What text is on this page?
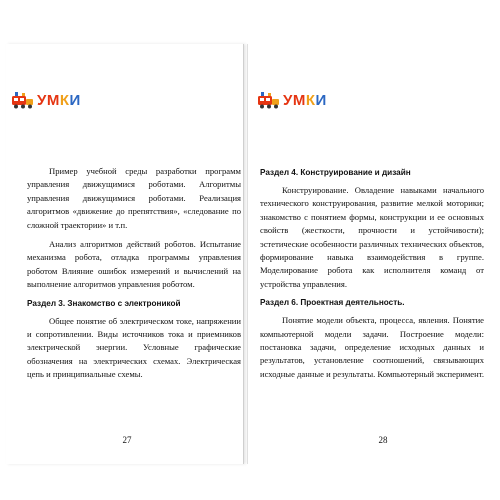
УМКИ

Пример учебной среды разработки программ управления движущимися роботами. Алгоритмы управления движущимися роботами. Реализация алгоритмов «движение до препятствия», «следование по сложной траектории» и т.п.

Анализ алгоритмов действий роботов. Испытание механизма робота, отладка программы управления роботом Влияние ошибок измерений и вычислений на выполнение алгоритмов управления роботом.

Раздел 3. Знакомство с электроникой

Общее понятие об электрическом токе, напряжении и сопротивлении. Виды источников тока и приемников электрической энергии. Условные графические обозначения на электрических схемах. Электрическая цепь и принципиальные схемы.

27
УМКИ
Раздел 4. Конструирование и дизайн

Конструирование. Овладение навыками начального технического конструирования, развитие мелкой моторики; знакомство с понятием формы, конструкции и ее основных свойств (жесткости, прочности и устойчивости); эстетические особенности различных технических объектов, формирование навыка взаимодействия в группе. Моделирование робота как исполнителя команд от устройства управления.

Раздел 6. Проектная деятельность.

Понятие модели объекта, процесса, явления. Понятие компьютерной модели задачи. Построение модели: постановка задачи, определение исходных данных и результатов, установление соотношений, связывающих исходные данные и результаты. Компьютерный эксперимент.

28
